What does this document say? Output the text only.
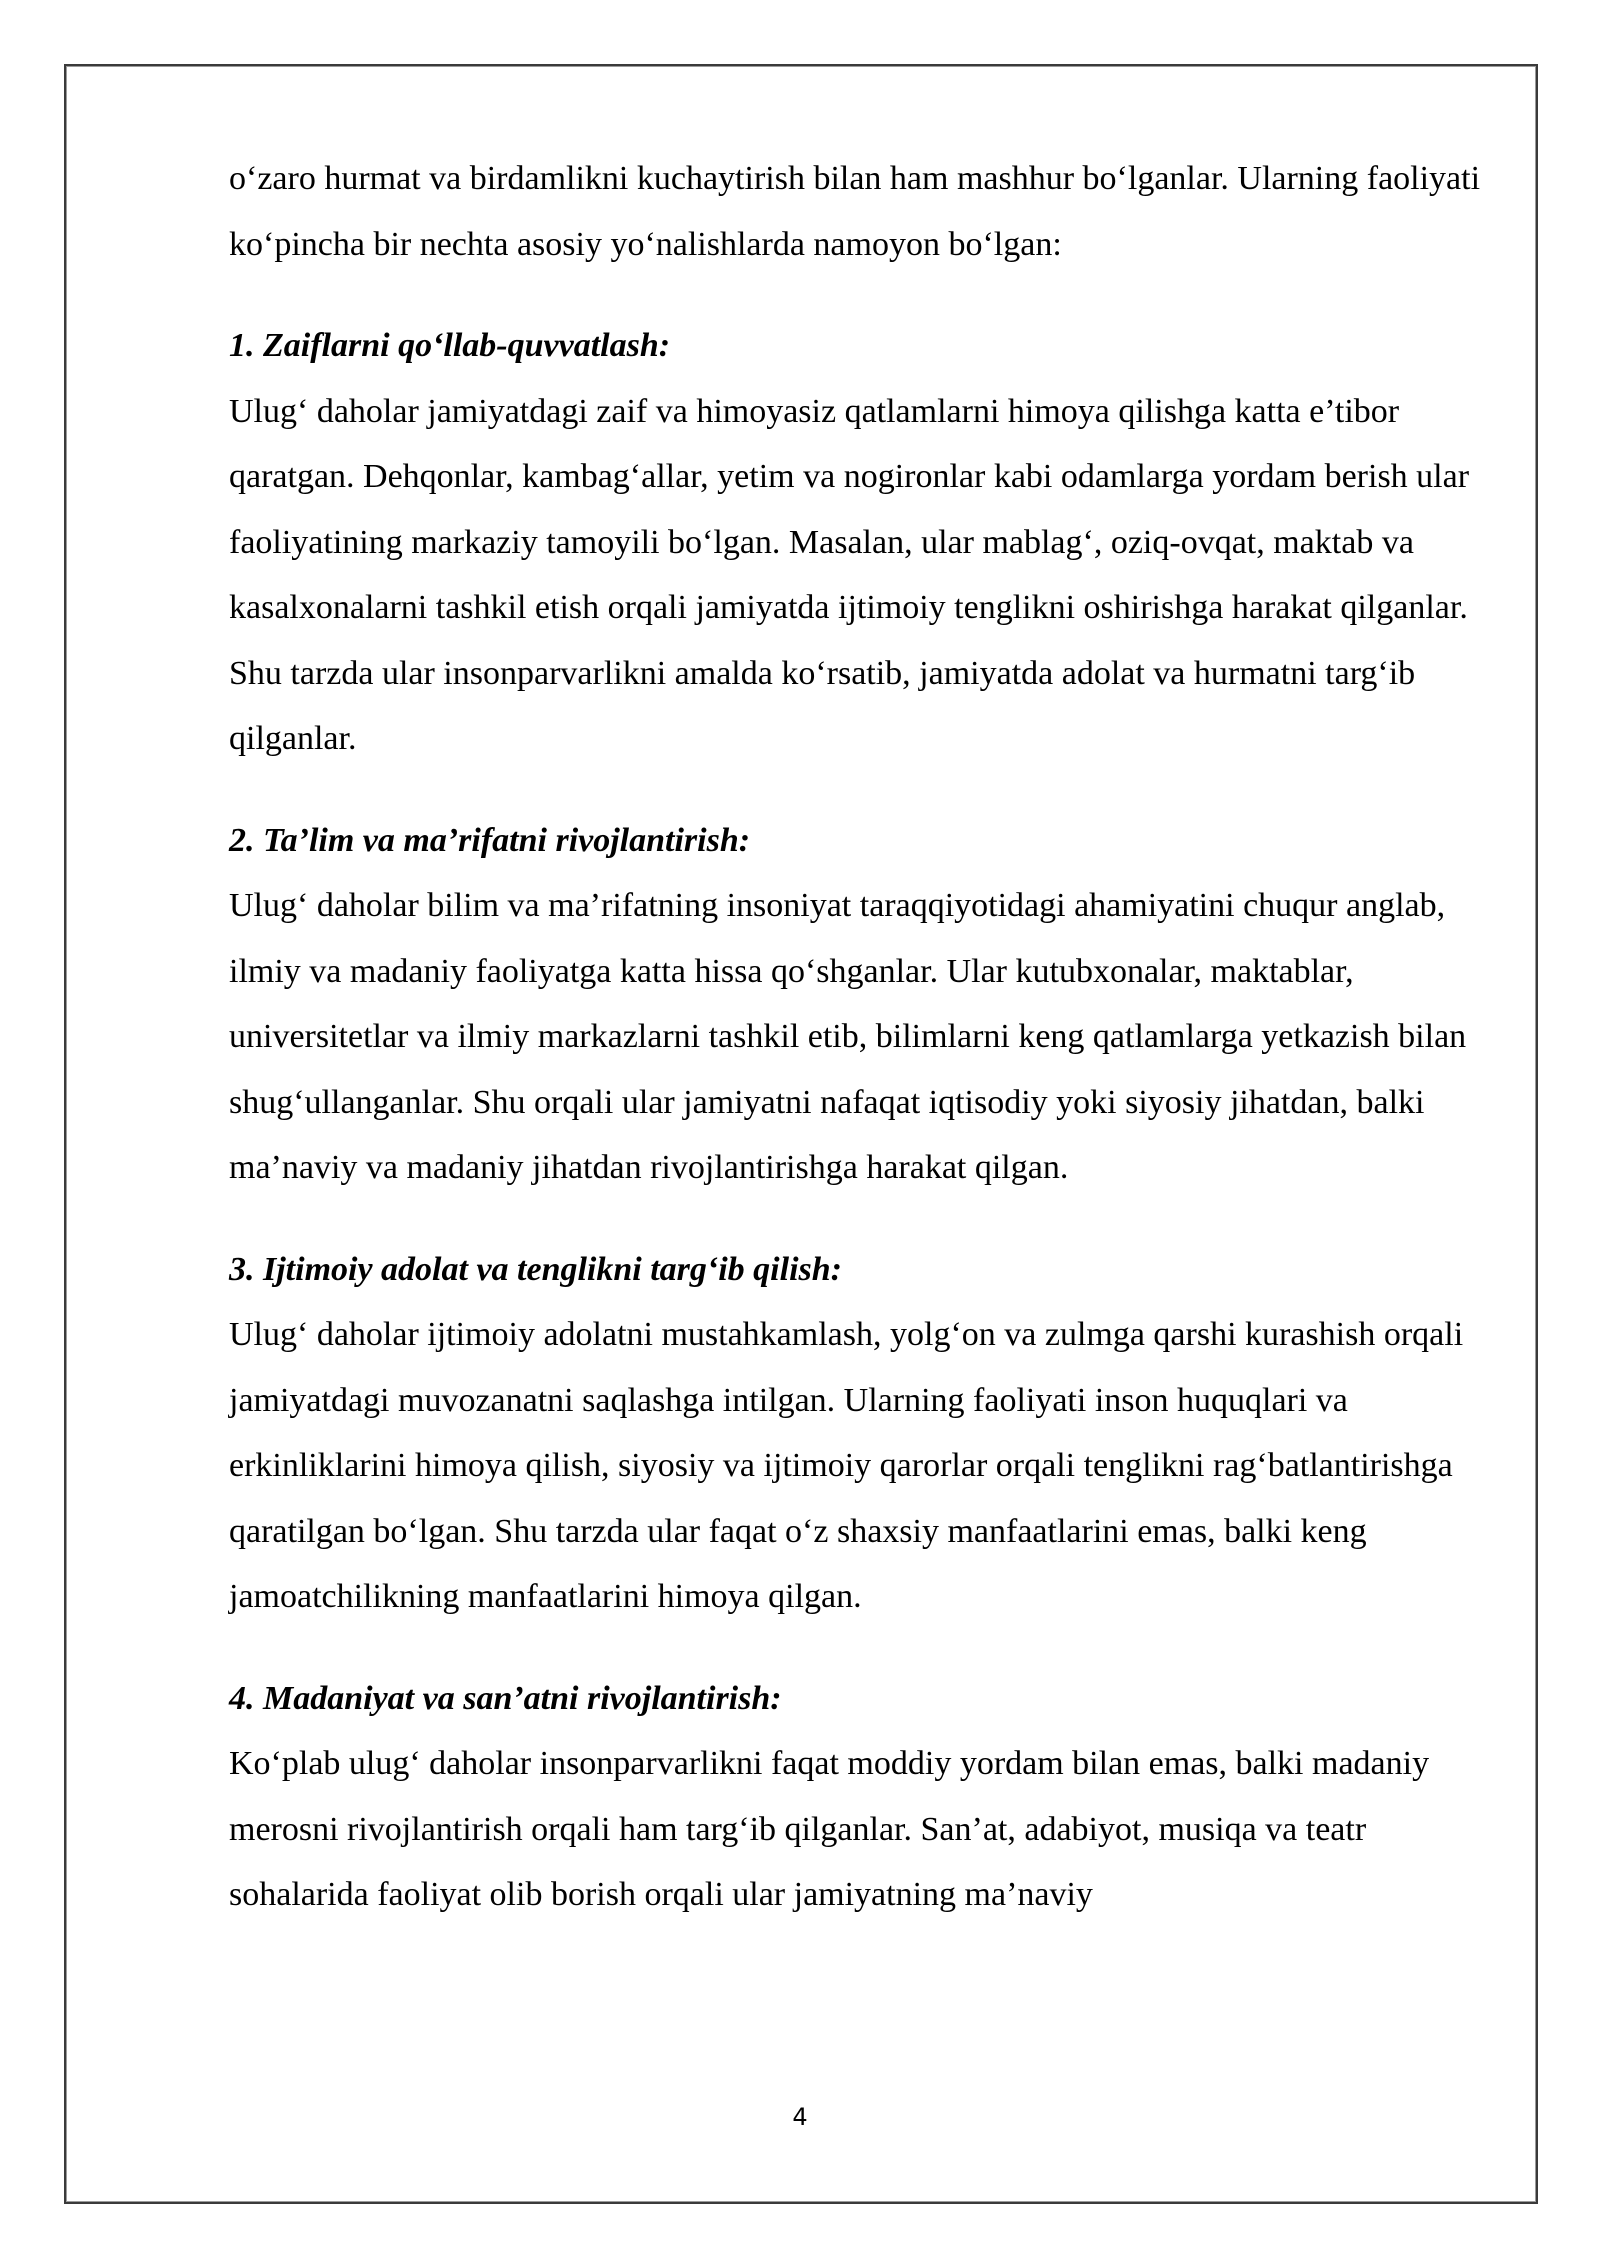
o‘zaro hurmat va birdamlikni kuchaytirish bilan ham mashhur bo‘lganlar. Ularning faoliyati ko‘pincha bir nechta asosiy yo‘nalishlarda namoyon bo‘lgan:

1. Zaiflarni qo‘llab-quvvatlash:

Ulug‘ daholar jamiyatdagi zaif va himoyasiz qatlamlarni himoya qilishga katta e’tibor qaratgan. Dehqonlar, kambag‘allar, yetim va nogironlar kabi odamlarga yordam berish ular faoliyatining markaziy tamoyili bo‘lgan. Masalan, ular mablag‘, oziq-ovqat, maktab va kasalxonalarni tashkil etish orqali jamiyatda ijtimoiy tenglikni oshirishga harakat qilganlar. Shu tarzda ular insonparvarlikni amalda ko‘rsatib, jamiyatda adolat va hurmatni targ‘ib qilganlar.

2. Ta’lim va ma’rifatni rivojlantirish:

Ulug‘ daholar bilim va ma’rifatning insoniyat taraqqiyotidagi ahamiyatini chuqur anglab, ilmiy va madaniy faoliyatga katta hissa qo‘shganlar. Ular kutubxonalar, maktablar, universitetlar va ilmiy markazlarni tashkil etib, bilimlarni keng qatlamlarga yetkazish bilan shug‘ullanganlar. Shu orqali ular jamiyatni nafaqat iqtisodiy yoki siyosiy jihatdan, balki ma’naviy va madaniy jihatdan rivojlantirishga harakat qilgan.

3. Ijtimoiy adolat va tenglikni targ‘ib qilish:

Ulug‘ daholar ijtimoiy adolatni mustahkamlash, yolg‘on va zulmga qarshi kurashish orqali jamiyatdagi muvozanatni saqlashga intilgan. Ularning faoliyati inson huquqlari va erkinliklarini himoya qilish, siyosiy va ijtimoiy qarorlar orqali tenglikni rag‘batlantirishga qaratilgan bo‘lgan. Shu tarzda ular faqat o‘z shaxsiy manfaatlarini emas, balki keng jamoatchilikning manfaatlarini himoya qilgan.

4. Madaniyat va san’atni rivojlantirish:

Ko‘plab ulug‘ daholar insonparvarlikni faqat moddiy yordam bilan emas, balki madaniy merosni rivojlantirish orqali ham targ‘ib qilganlar. San’at, adabiyot, musiqa va teatr sohalarida faoliyat olib borish orqali ular jamiyatning ma’naviy

4
